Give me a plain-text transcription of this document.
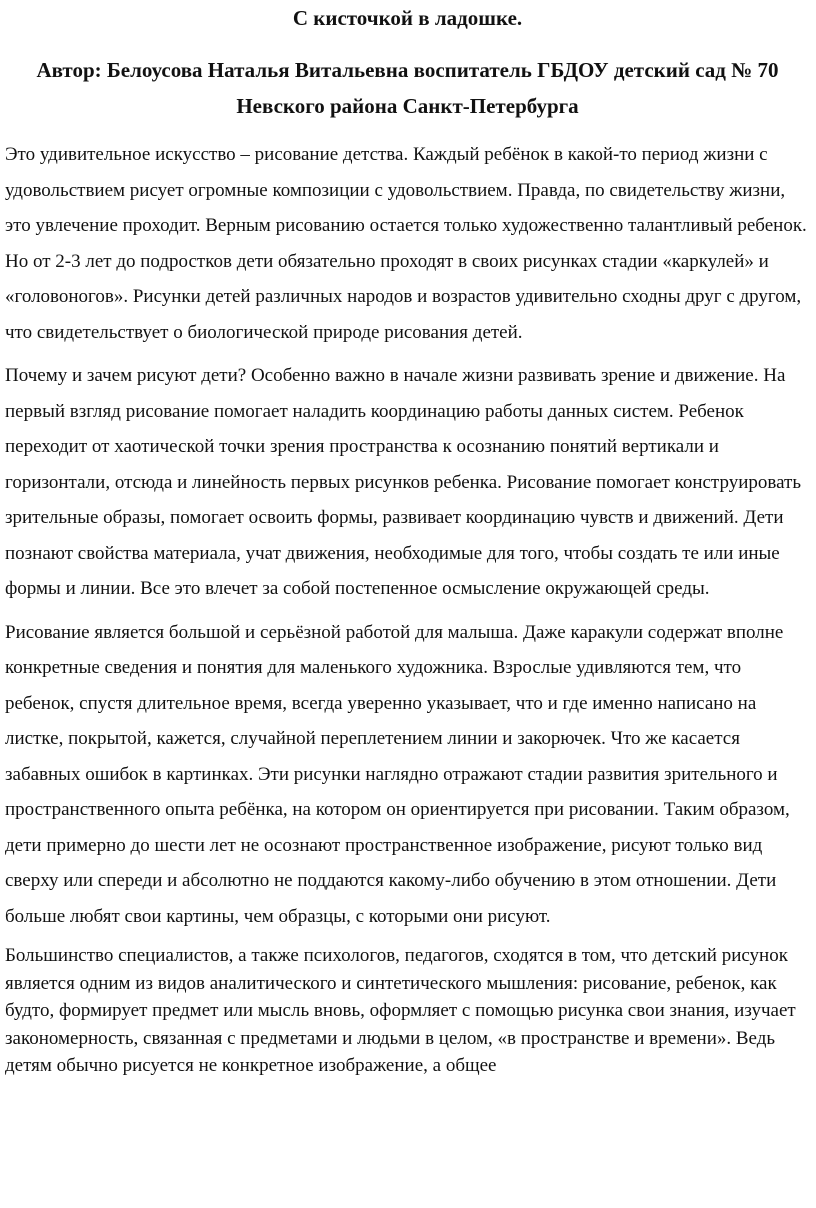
С кисточкой в ладошке.
Автор: Белоусова Наталья Витальевна воспитатель ГБДОУ детский сад № 70 Невского района Санкт-Петербурга

Это удивительное искусство – рисование детства. Каждый ребёнок в какой-то период жизни с удовольствием рисует огромные композиции с удовольствием. Правда, по свидетельству жизни, это увлечение проходит. Верным рисованию остается только художественно талантливый ребенок. Но от 2-3 лет до подростков дети обязательно проходят в своих рисунках стадии «каркулей» и «головоногов». Рисунки детей различных народов и возрастов удивительно сходны друг с другом, что свидетельствует о биологической природе рисования детей.

Почему и зачем рисуют дети? Особенно важно в начале жизни развивать зрение и движение. На первый взгляд рисование помогает наладить координацию работы данных систем. Ребенок переходит от хаотической точки зрения пространства к осознанию понятий вертикали и горизонтали, отсюда и линейность первых рисунков ребенка. Рисование помогает конструировать зрительные образы, помогает освоить формы, развивает координацию чувств и движений. Дети познают свойства материала, учат движения, необходимые для того, чтобы создать те или иные формы и линии. Все это влечет за собой постепенное осмысление окружающей среды.

Рисование является большой и серьёзной работой для малыша. Даже каракули содержат вполне конкретные сведения и понятия для маленького художника. Взрослые удивляются тем, что ребенок, спустя длительное время, всегда уверенно указывает, что и где именно написано на листке, покрытой, кажется, случайной переплетением линии и закорючек. Что же касается забавных ошибок в картинках. Эти рисунки наглядно отражают стадии развития зрительного и пространственного опыта ребёнка, на котором он ориентируется при рисовании. Таким образом, дети примерно до шести лет не осознают пространственное изображение, рисуют только вид сверху или спереди и абсолютно не поддаются какому-либо обучению в этом отношении. Дети больше любят свои картины, чем образцы, с которыми они рисуют.

Большинство специалистов, а также психологов, педагогов, сходятся в том, что детский рисунок является одним из видов аналитического и синтетического мышления: рисование, ребенок, как будто, формирует предмет или мысль вновь, оформляет с помощью рисунка свои знания, изучает закономерность, связанная с предметами и людьми в целом, «в пространстве и времени». Ведь детям обычно рисуется не конкретное изображение, а общее
